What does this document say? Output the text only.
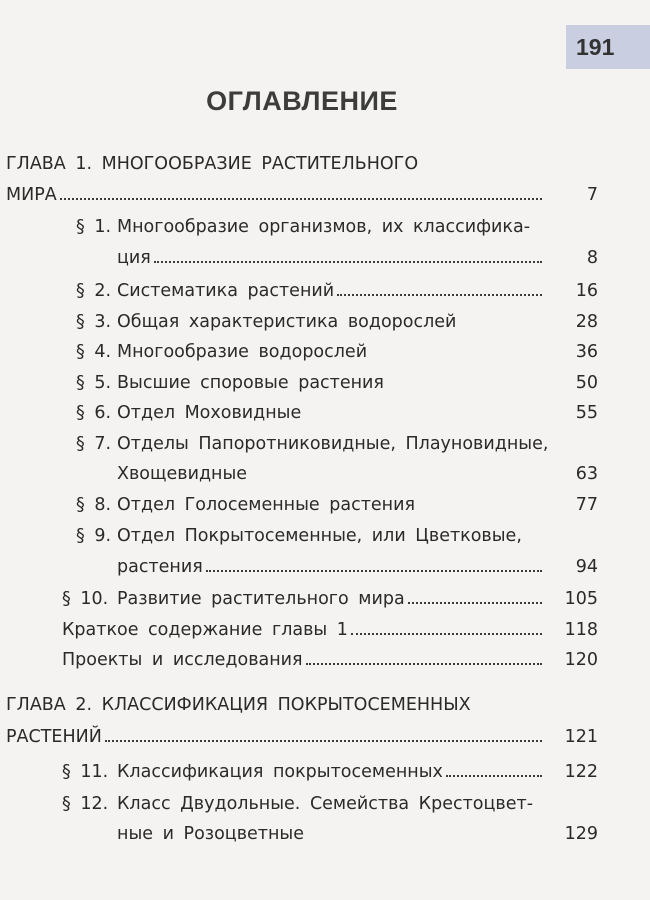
191
ОГЛАВЛЕНИЕ
ГЛАВА 1. МНОГООБРАЗИЕ РАСТИТЕЛЬНОГО
МИРА	7
§ 1. Многообразие организмов, их классифика-
ция	8
§ 2. Систематика растений	16
§ 3. Общая характеристика водорослей	28
§ 4. Многообразие водорослей	36
§ 5. Высшие споровые растения	50
§ 6. Отдел Моховидные	55
§ 7. Отделы Папоротниковидные, Плауновидные,
Хвощевидные	63
§ 8. Отдел Голосеменные растения	77
§ 9. Отдел Покрытосеменные, или Цветковые,
растения	94
§ 10. Развитие растительного мира	105
Краткое содержание главы 1	118
Проекты и исследования	120
ГЛАВА 2. КЛАССИФИКАЦИЯ ПОКРЫТОСЕМЕННЫХ
РАСТЕНИЙ	121
§ 11. Классификация покрытосеменных	122
§ 12. Класс Двудольные. Семейства Крестоцвет-
ные и Розоцветные	129
